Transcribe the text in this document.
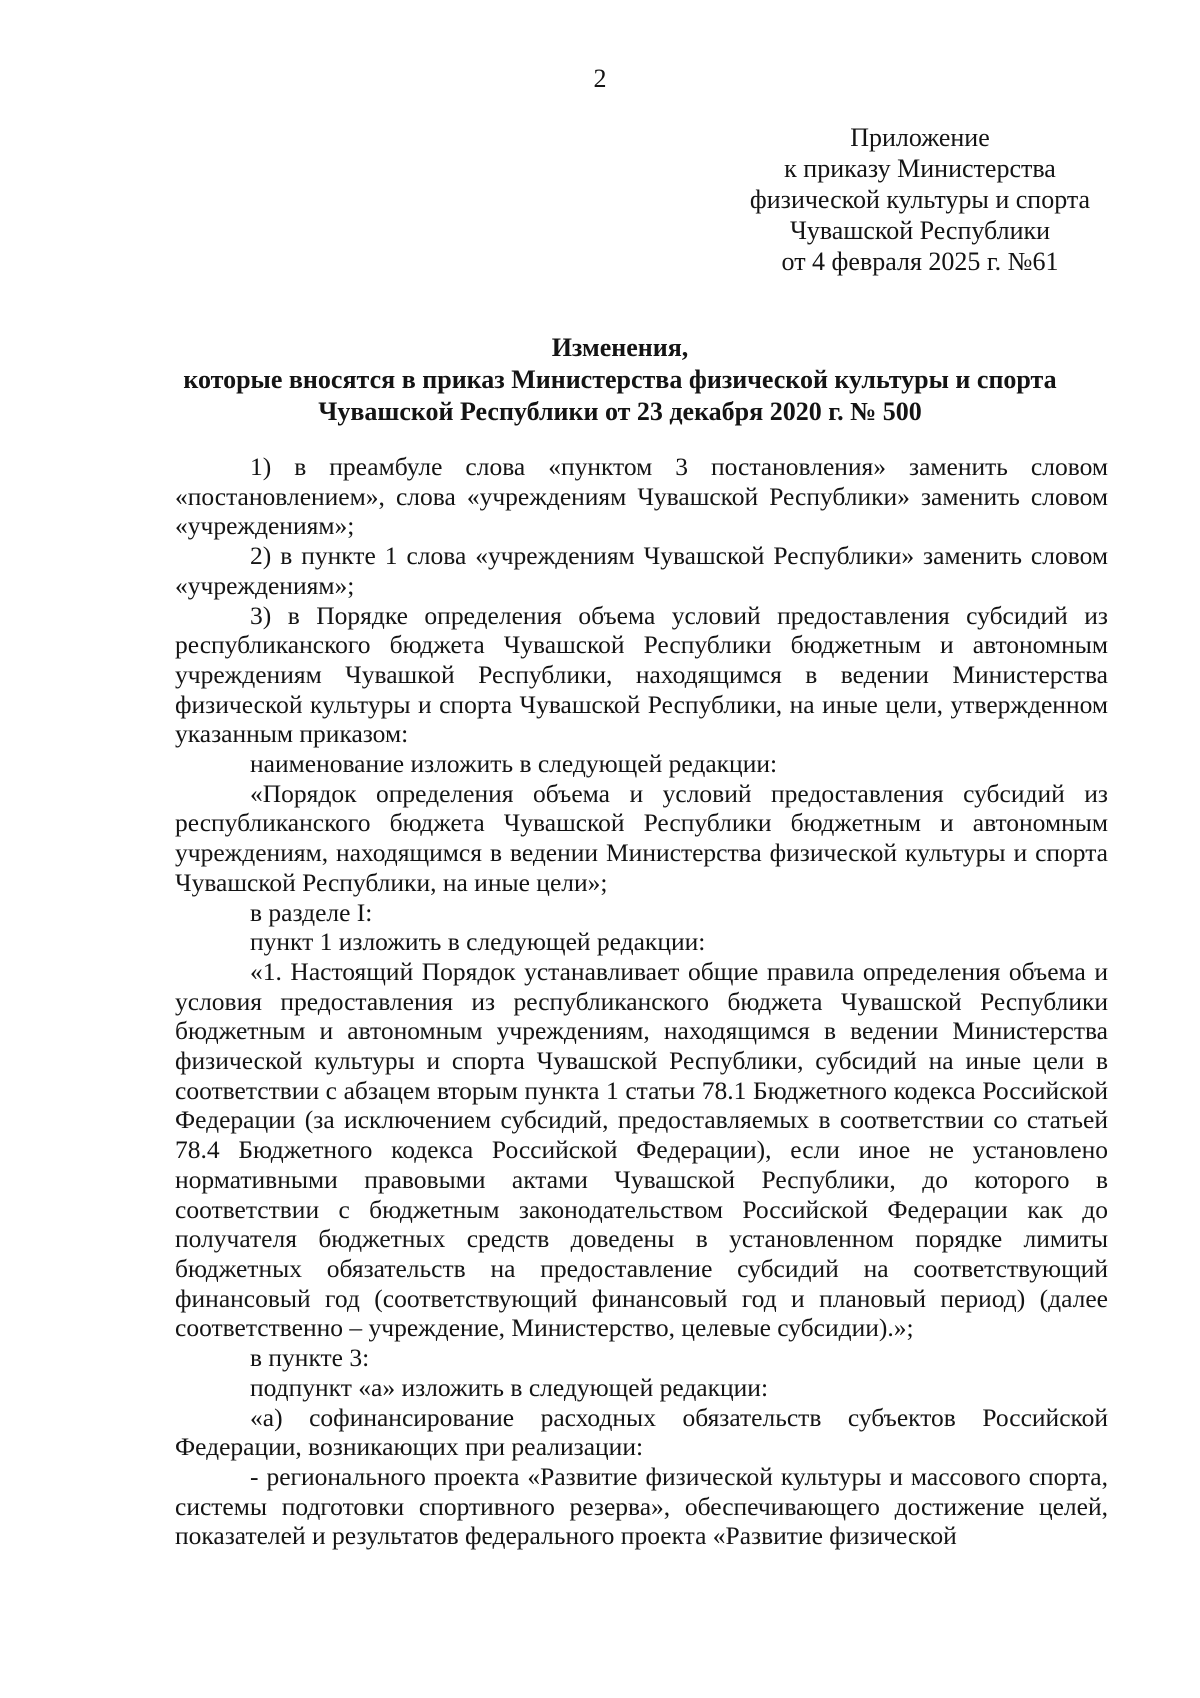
2
Приложение
к приказу Министерства
физической культуры и спорта
Чувашской Республики
от 4 февраля 2025 г. №61
Изменения,
которые вносятся в приказ Министерства физической культуры и спорта
Чувашской Республики от 23 декабря 2020 г. № 500

1) в преамбуле слова «пунктом 3 постановления» заменить словом «постановлением», слова «учреждениям Чувашской Республики» заменить словом «учреждениям»;

2) в пункте 1 слова «учреждениям Чувашской Республики» заменить словом «учреждениям»;

3) в Порядке определения объема условий предоставления субсидий из республиканского бюджета Чувашской Республики бюджетным и автономным учреждениям Чувашкой Республики, находящимся в ведении Министерства физической культуры и спорта Чувашской Республики, на иные цели, утвержденном указанным приказом:

наименование изложить в следующей редакции:

«Порядок определения объема и условий предоставления субсидий из республиканского бюджета Чувашской Республики бюджетным и автономным учреждениям, находящимся в ведении Министерства физической культуры и спорта Чувашской Республики, на иные цели»;

в разделе I:

пункт 1 изложить в следующей редакции:

«1. Настоящий Порядок устанавливает общие правила определения объема и условия предоставления из республиканского бюджета Чувашской Республики бюджетным и автономным учреждениям, находящимся в ведении Министерства физической культуры и спорта Чувашской Республики, субсидий на иные цели в соответствии с абзацем вторым пункта 1 статьи 78.1 Бюджетного кодекса Российской Федерации (за исключением субсидий, предоставляемых в соответствии со статьей 78.4 Бюджетного кодекса Российской Федерации), если иное не установлено нормативными правовыми актами Чувашской Республики, до которого в соответствии с бюджетным законодательством Российской Федерации как до получателя бюджетных средств доведены в установленном порядке лимиты бюджетных обязательств на предоставление субсидий на соответствующий финансовый год (соответствующий финансовый год и плановый период) (далее соответственно – учреждение, Министерство, целевые субсидии).»;

в пункте 3:

подпункт «а» изложить в следующей редакции:

«а) софинансирование расходных обязательств субъектов Российской Федерации, возникающих при реализации:

- регионального проекта «Развитие физической культуры и массового спорта, системы подготовки спортивного резерва», обеспечивающего достижение целей, показателей и результатов федерального проекта «Развитие физической
